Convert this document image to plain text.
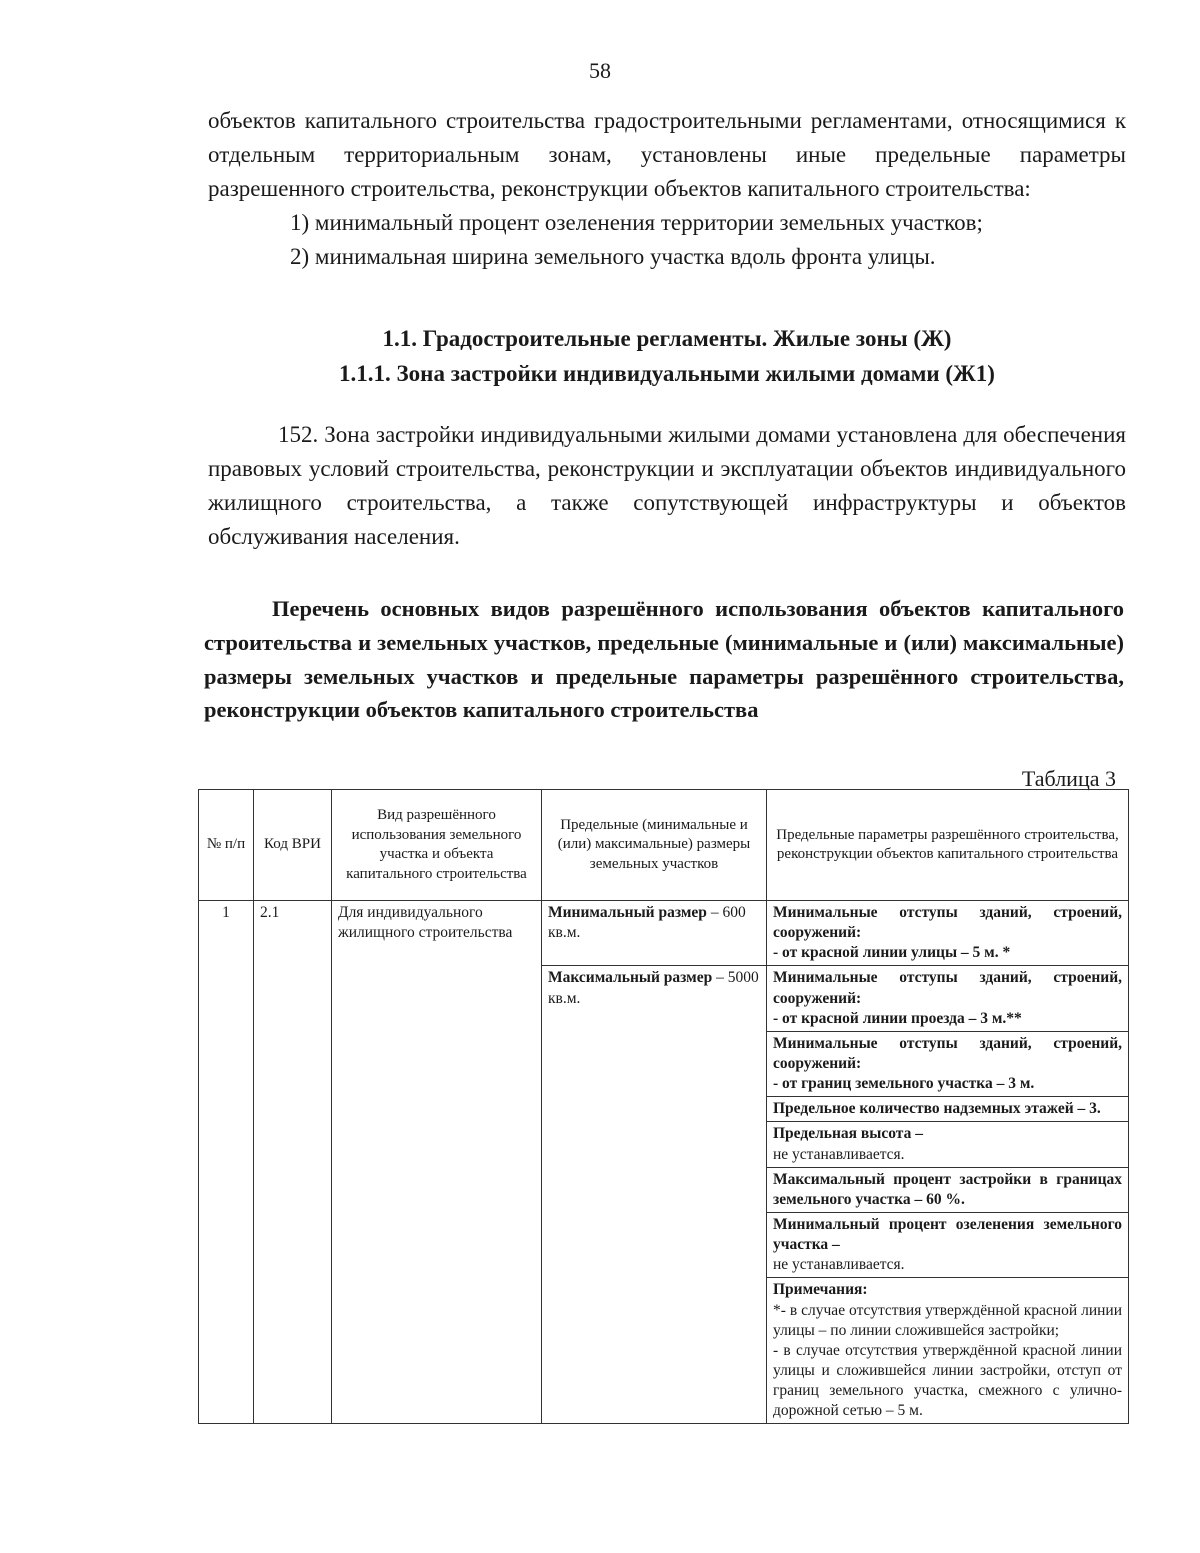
58

объектов капитального строительства градостроительными регламентами, относящимися к отдельным территориальным зонам, установлены иные предельные параметры разрешенного строительства, реконструкции объектов капитального строительства:

1) минимальный процент озеленения территории земельных участков;
2) минимальная ширина земельного участка вдоль фронта улицы.
1.1. Градостроительные регламенты. Жилые зоны (Ж)
1.1.1. Зона застройки индивидуальными жилыми домами (Ж1)

152. Зона застройки индивидуальными жилыми домами установлена для обеспечения правовых условий строительства, реконструкции и эксплуатации объектов индивидуального жилищного строительства, а также сопутствующей инфраструктуры и объектов обслуживания населения.

Перечень основных видов разрешённого использования объектов капитального строительства и земельных участков, предельные (минимальные и (или) максимальные) размеры земельных участков и предельные параметры разрешённого строительства, реконструкции объектов капитального строительства

Таблица 3
№ п/п	Код ВРИ	Вид разрешённого использования земельного участка и объекта капитального строительства	Предельные (минимальные и (или) максимальные) размеры земельных участков	Предельные параметры разрешённого строительства, реконструкции объектов капитального строительства
1	2.1	Для индивидуального жилищного строительства	Минимальный размер – 600 кв.м.	Минимальные отступы зданий, строений, сооружений:
- от красной линии улицы – 5 м. *
			Максимальный размер – 5000 кв.м.	Минимальные отступы зданий, строений, сооружений:
- от красной линии проезда – 3 м.**
				Минимальные отступы зданий, строений, сооружений:
- от границ земельного участка – 3 м.
				Предельное количество надземных этажей – 3.

				Предельная высота –
не устанавливается.

				Максимальный процент застройки в границах земельного участка – 60 %.

				Минимальный процент озеленения земельного участка –
не устанавливается.

				Примечания:
*- в случае отсутствия утверждённой красной линии улицы – по линии сложившейся застройки;
- в случае отсутствия утверждённой красной линии улицы и сложившейся линии застройки, отступ от границ земельного участка, смежного с улично-дорожной сетью – 5 м.
